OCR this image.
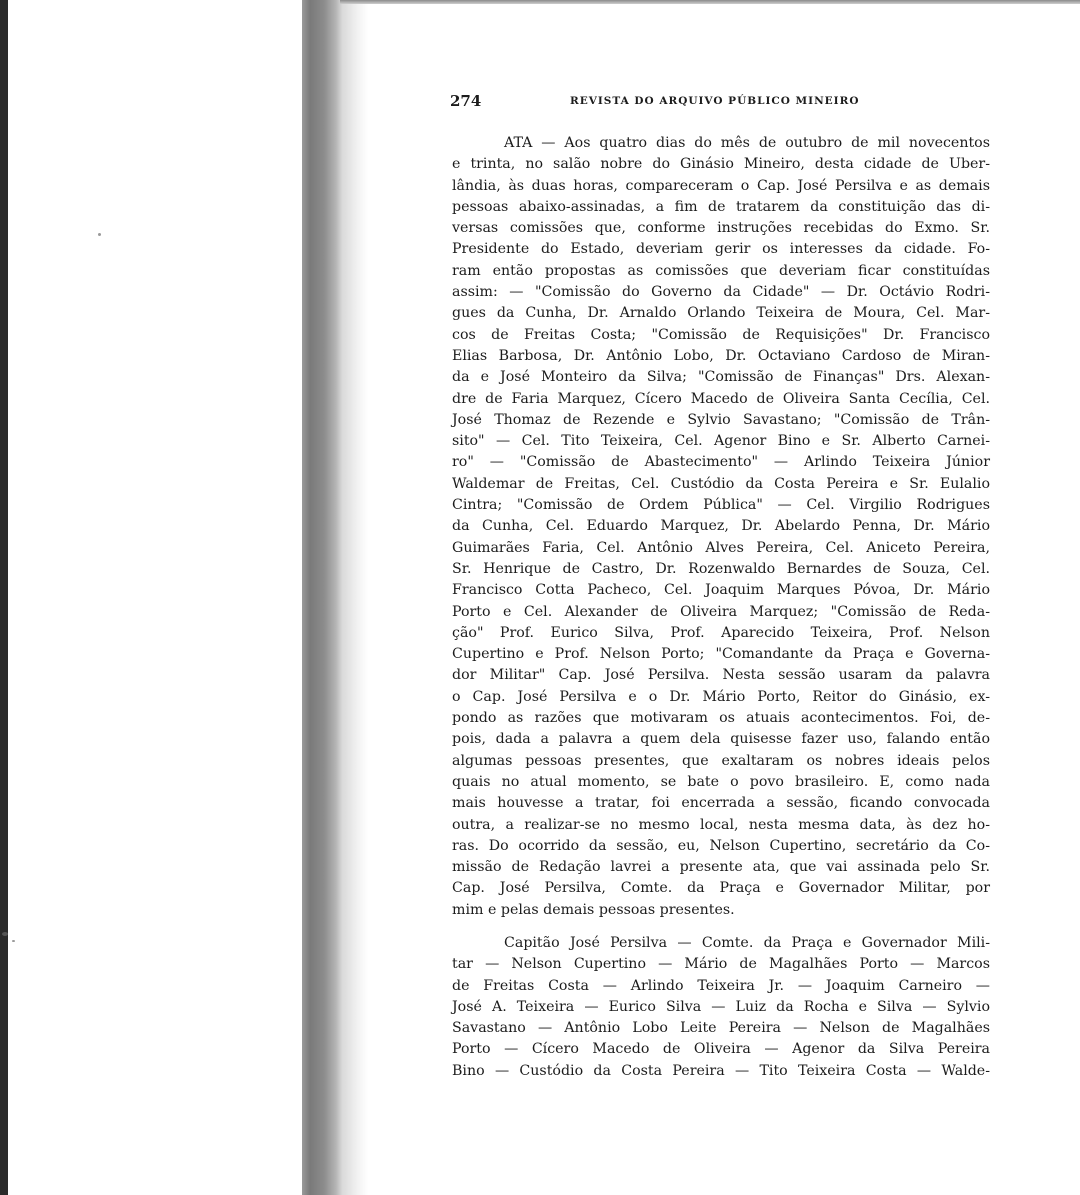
274	REVISTA DO ARQUIVO PÚBLICO MINEIRO
ATA — Aos quatro dias do mês de outubro de mil novecentos
e trinta, no salão nobre do Ginásio Mineiro, desta cidade de Uber-
lândia, às duas horas, compareceram o Cap. José Persilva e as demais
pessoas abaixo-assinadas, a fim de tratarem da constituição das di-
versas comissões que, conforme instruções recebidas do Exmo. Sr.
Presidente do Estado, deveriam gerir os interesses da cidade. Fo-
ram então propostas as comissões que deveriam ficar constituídas
assim: — "Comissão do Governo da Cidade" — Dr. Octávio Rodri-
gues da Cunha, Dr. Arnaldo Orlando Teixeira de Moura, Cel. Mar-
cos de Freitas Costa; "Comissão de Requisições" Dr. Francisco
Elias Barbosa, Dr. Antônio Lobo, Dr. Octaviano Cardoso de Miran-
da e José Monteiro da Silva; "Comissão de Finanças" Drs. Alexan-
dre de Faria Marquez, Cícero Macedo de Oliveira Santa Cecília, Cel.
José Thomaz de Rezende e Sylvio Savastano; "Comissão de Trân-
sito" — Cel. Tito Teixeira, Cel. Agenor Bino e Sr. Alberto Carnei-
ro" — "Comissão de Abastecimento" — Arlindo Teixeira Júnior
Waldemar de Freitas, Cel. Custódio da Costa Pereira e Sr. Eulalio
Cintra; "Comissão de Ordem Pública" — Cel. Virgilio Rodrigues
da Cunha, Cel. Eduardo Marquez, Dr. Abelardo Penna, Dr. Mário
Guimarães Faria, Cel. Antônio Alves Pereira, Cel. Aniceto Pereira,
Sr. Henrique de Castro, Dr. Rozenwaldo Bernardes de Souza, Cel.
Francisco Cotta Pacheco, Cel. Joaquim Marques Póvoa, Dr. Mário
Porto e Cel. Alexander de Oliveira Marquez; "Comissão de Reda-
ção" Prof. Eurico Silva, Prof. Aparecido Teixeira, Prof. Nelson
Cupertino e Prof. Nelson Porto; "Comandante da Praça e Governa-
dor Militar" Cap. José Persilva. Nesta sessão usaram da palavra
o Cap. José Persilva e o Dr. Mário Porto, Reitor do Ginásio, ex-
pondo as razões que motivaram os atuais acontecimentos. Foi, de-
pois, dada a palavra a quem dela quisesse fazer uso, falando então
algumas pessoas presentes, que exaltaram os nobres ideais pelos
quais no atual momento, se bate o povo brasileiro. E, como nada
mais houvesse a tratar, foi encerrada a sessão, ficando convocada
outra, a realizar-se no mesmo local, nesta mesma data, às dez ho-
ras. Do ocorrido da sessão, eu, Nelson Cupertino, secretário da Co-
missão de Redação lavrei a presente ata, que vai assinada pelo Sr.
Cap. José Persilva, Comte. da Praça e Governador Militar, por
mim e pelas demais pessoas presentes.
Capitão José Persilva — Comte. da Praça e Governador Mili-
tar — Nelson Cupertino — Mário de Magalhães Porto — Marcos
de Freitas Costa — Arlindo Teixeira Jr. — Joaquim Carneiro —
José A. Teixeira — Eurico Silva — Luiz da Rocha e Silva — Sylvio
Savastano — Antônio Lobo Leite Pereira — Nelson de Magalhães
Porto — Cícero Macedo de Oliveira — Agenor da Silva Pereira
Bino — Custódio da Costa Pereira — Tito Teixeira Costa — Walde-
